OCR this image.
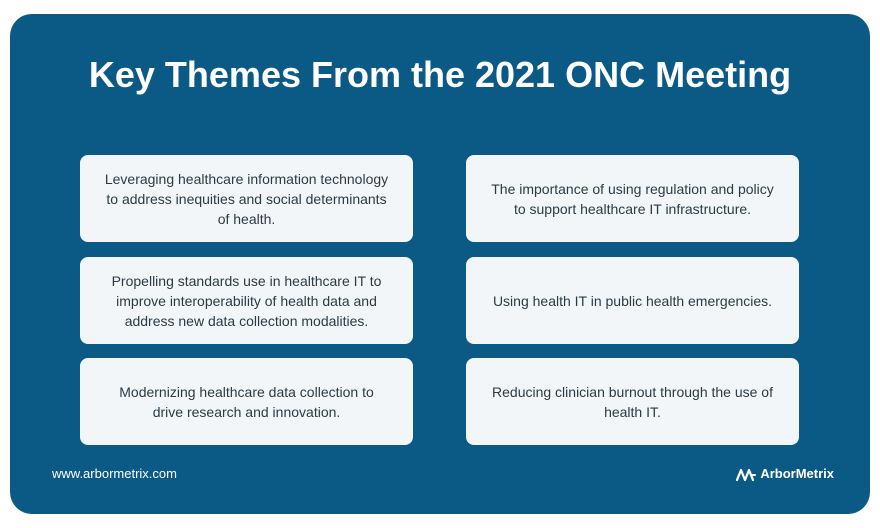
Key Themes From the 2021 ONC Meeting
Leveraging healthcare information technology to address inequities and social determinants of health.
The importance of using regulation and policy to support healthcare IT infrastructure.
Propelling standards use in healthcare IT to improve interoperability of health data and address new data collection modalities.
Using health IT in public health emergencies.
Modernizing healthcare data collection to drive research and innovation.
Reducing clinician burnout through the use of health IT.
www.arbormetrix.com	ArborMetrix
